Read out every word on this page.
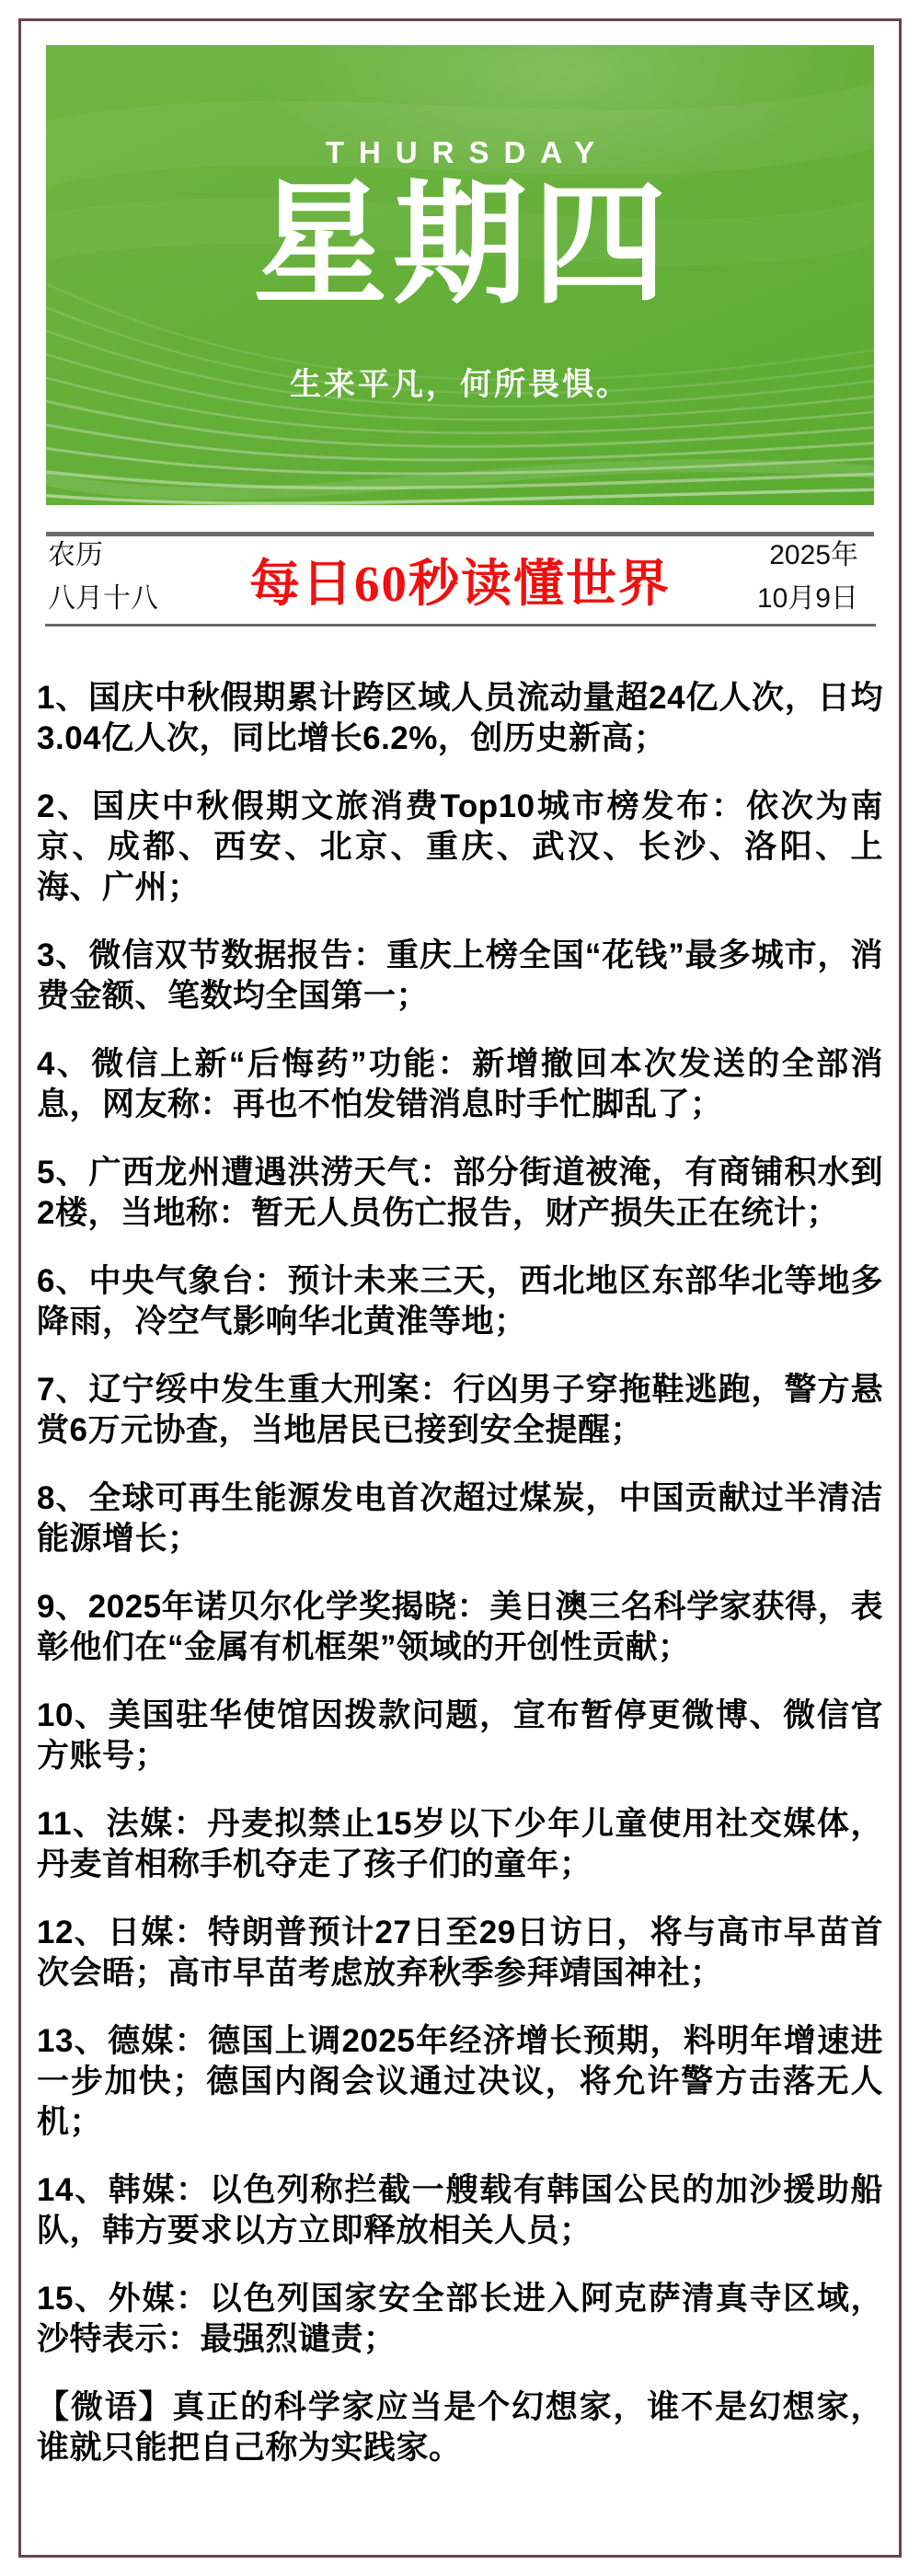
THURSDAY
星期四
生来平凡，何所畏惧。
农历
八月十八	每日60秒读懂世界
2025年
10月9日

1、国庆中秋假期累计跨区域人员流动量超24亿人次，日均3.04亿人次，同比增长6.2%，创历史新高；

2、国庆中秋假期文旅消费Top10城市榜发布：依次为南京、成都、西安、北京、重庆、武汉、长沙、洛阳、上海、广州；

3、微信双节数据报告：重庆上榜全国“花钱”最多城市，消费金额、笔数均全国第一；

4、微信上新“后悔药”功能：新增撤回本次发送的全部消息，网友称：再也不怕发错消息时手忙脚乱了；

5、广西龙州遭遇洪涝天气：部分街道被淹，有商铺积水到2楼，当地称：暂无人员伤亡报告，财产损失正在统计；

6、中央气象台：预计未来三天，西北地区东部华北等地多降雨，冷空气影响华北黄淮等地；

7、辽宁绥中发生重大刑案：行凶男子穿拖鞋逃跑，警方悬赏6万元协查，当地居民已接到安全提醒；

8、全球可再生能源发电首次超过煤炭，中国贡献过半清洁能源增长；

9、2025年诺贝尔化学奖揭晓：美日澳三名科学家获得，表彰他们在“金属有机框架”领域的开创性贡献；

10、美国驻华使馆因拨款问题，宣布暂停更微博、微信官方账号；

11、法媒：丹麦拟禁止15岁以下少年儿童使用社交媒体，丹麦首相称手机夺走了孩子们的童年；

12、日媒：特朗普预计27日至29日访日，将与高市早苗首次会晤；高市早苗考虑放弃秋季参拜靖国神社；

13、德媒：德国上调2025年经济增长预期，料明年增速进一步加快；德国内阁会议通过决议，将允许警方击落无人机；

14、韩媒：以色列称拦截一艘载有韩国公民的加沙援助船队，韩方要求以方立即释放相关人员；

15、外媒：以色列国家安全部长进入阿克萨清真寺区域，沙特表示：最强烈谴责；

【微语】真正的科学家应当是个幻想家，谁不是幻想家，谁就只能把自己称为实践家。
